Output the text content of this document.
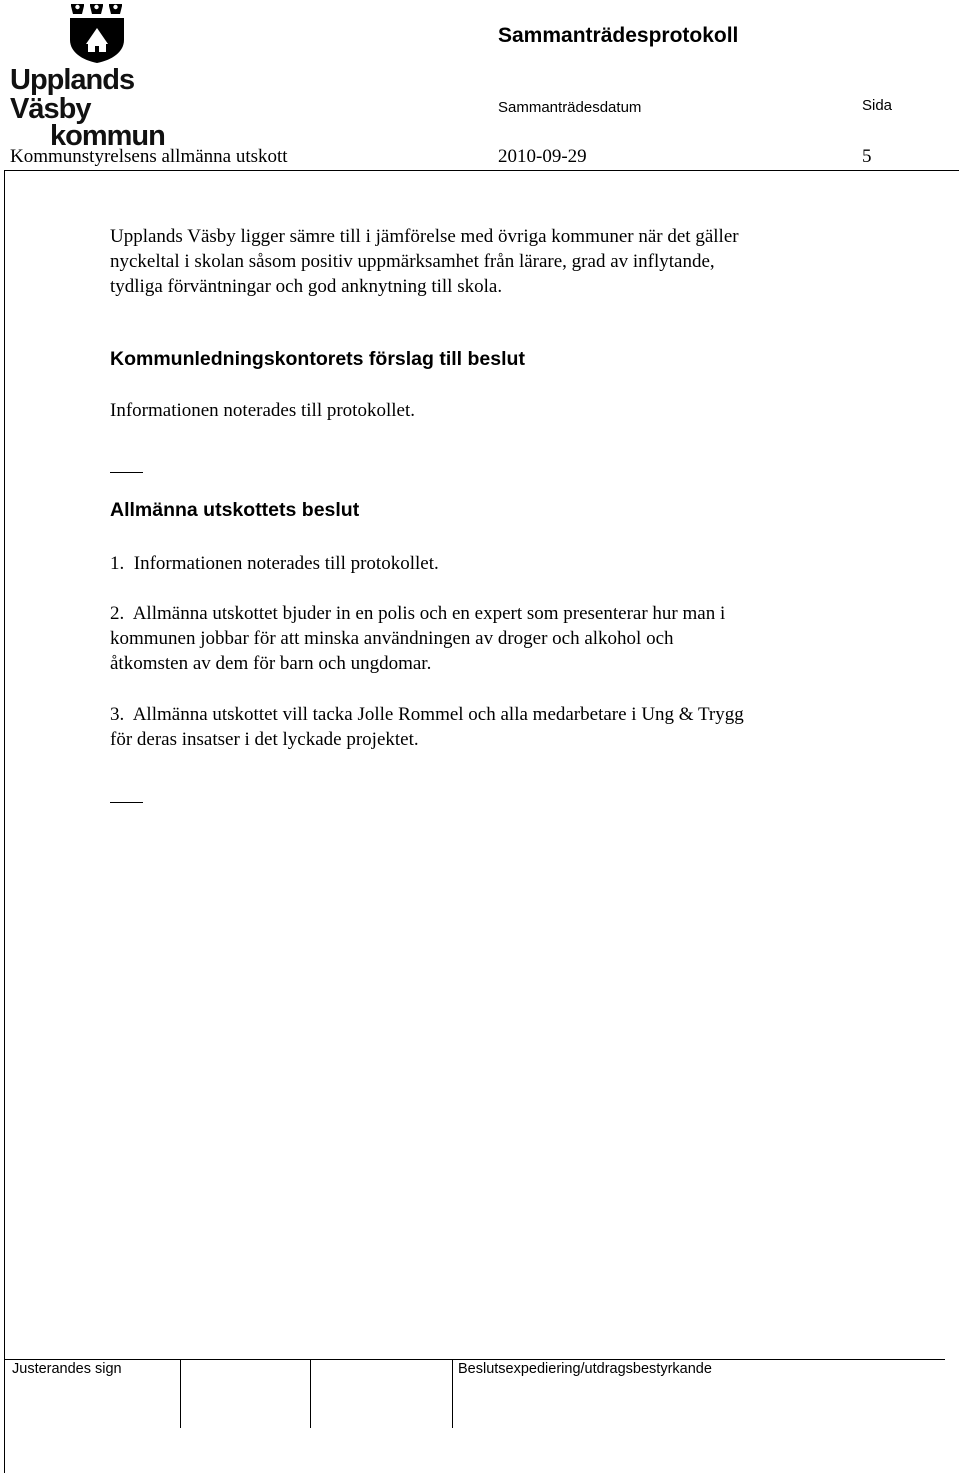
Upplands Väsby
kommun
Sammanträdesprotokoll
Sammanträdesdatum	Sida
Kommunstyrelsens allmänna utskott	2010-09-29	5
Upplands Väsby ligger sämre till i jämförelse med övriga kommuner när det gäller
nyckeltal i skolan såsom positiv uppmärksamhet från lärare, grad av inflytande,
tydliga förväntningar och god anknytning till skola.
Kommunledningskontorets förslag till beslut
Informationen noterades till protokollet.
Allmänna utskottets beslut
1.  Informationen noterades till protokollet.
2.  Allmänna utskottet bjuder in en polis och en expert som presenterar hur man i
kommunen jobbar för att minska användningen av droger och alkohol och
åtkomsten av dem för barn och ungdomar.
3.  Allmänna utskottet vill tacka Jolle Rommel och alla medarbetare i Ung & Trygg
för deras insatser i det lyckade projektet.
Justerandes sign	Beslutsexpediering/utdragsbestyrkande
